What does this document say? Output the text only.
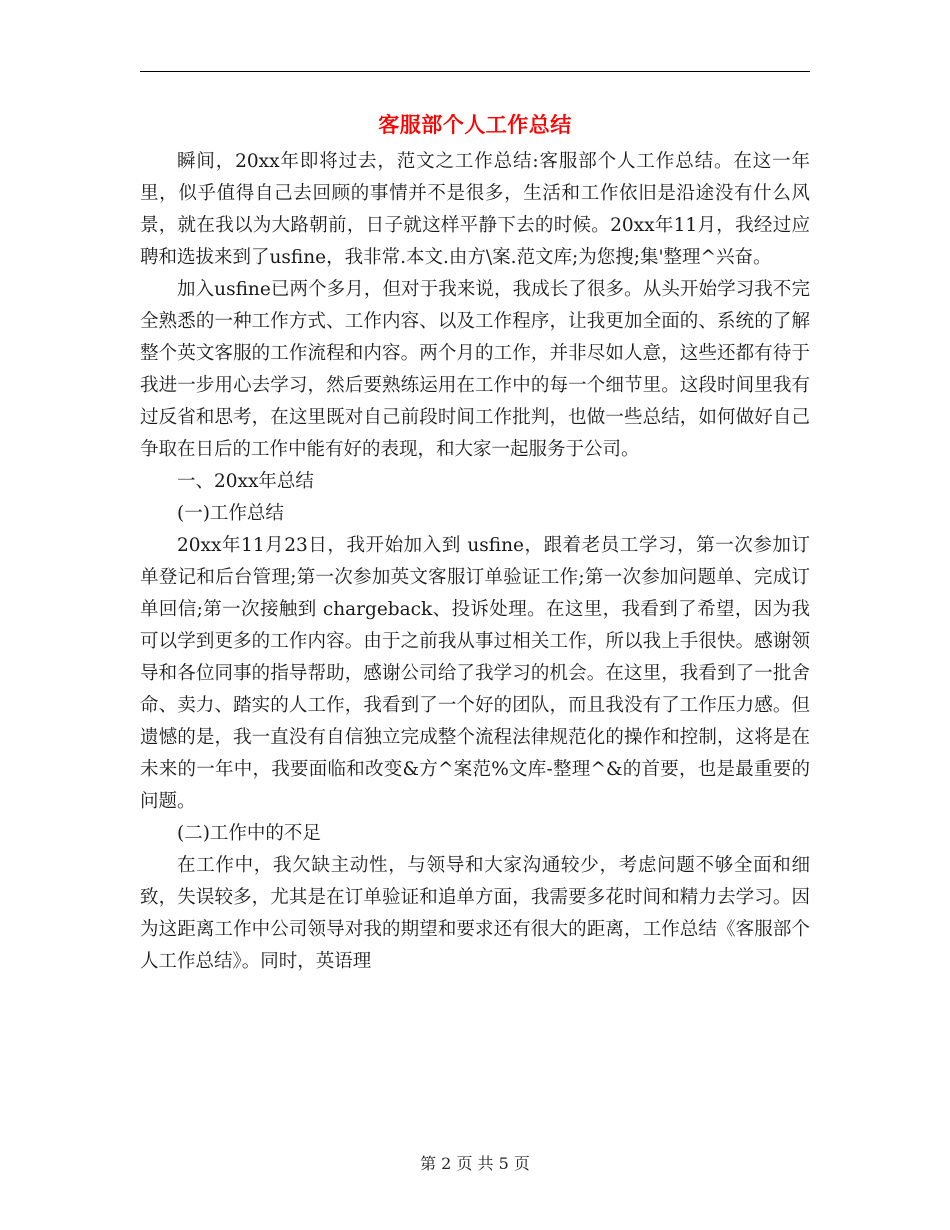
客服部个人工作总结

瞬间，20xx年即将过去，范文之工作总结:客服部个人工作总结。在这一年里，似乎值得自己去回顾的事情并不是很多，生活和工作依旧是沿途没有什么风景，就在我以为大路朝前，日子就这样平静下去的时候。20xx年11月，我经过应聘和选拔来到了usfine，我非常.本文.由方\案.范文库;为您搜;集'整理^兴奋。

加入usfine已两个多月，但对于我来说，我成长了很多。从头开始学习我不完全熟悉的一种工作方式、工作内容、以及工作程序，让我更加全面的、系统的了解整个英文客服的工作流程和内容。两个月的工作，并非尽如人意，这些还都有待于我进一步用心去学习，然后要熟练运用在工作中的每一个细节里。这段时间里我有过反省和思考，在这里既对自己前段时间工作批判，也做一些总结，如何做好自己争取在日后的工作中能有好的表现，和大家一起服务于公司。

一、20xx年总结

(一)工作总结

20xx年11月23日，我开始加入到 usfine，跟着老员工学习，第一次参加订单登记和后台管理;第一次参加英文客服订单验证工作;第一次参加问题单、完成订单回信;第一次接触到 chargeback、投诉处理。在这里，我看到了希望，因为我可以学到更多的工作内容。由于之前我从事过相关工作，所以我上手很快。感谢领导和各位同事的指导帮助，感谢公司给了我学习的机会。在这里，我看到了一批舍命、卖力、踏实的人工作，我看到了一个好的团队，而且我没有了工作压力感。但遗憾的是，我一直没有自信独立完成整个流程法律规范化的操作和控制，这将是在未来的一年中，我要面临和改变&方^案范%文库-整理^&的首要，也是最重要的问题。

(二)工作中的不足

在工作中，我欠缺主动性，与领导和大家沟通较少，考虑问题不够全面和细致，失误较多，尤其是在订单验证和追单方面，我需要多花时间和精力去学习。因为这距离工作中公司领导对我的期望和要求还有很大的距离，工作总结《客服部个人工作总结》。同时，英语理

第 2 页 共 5 页
